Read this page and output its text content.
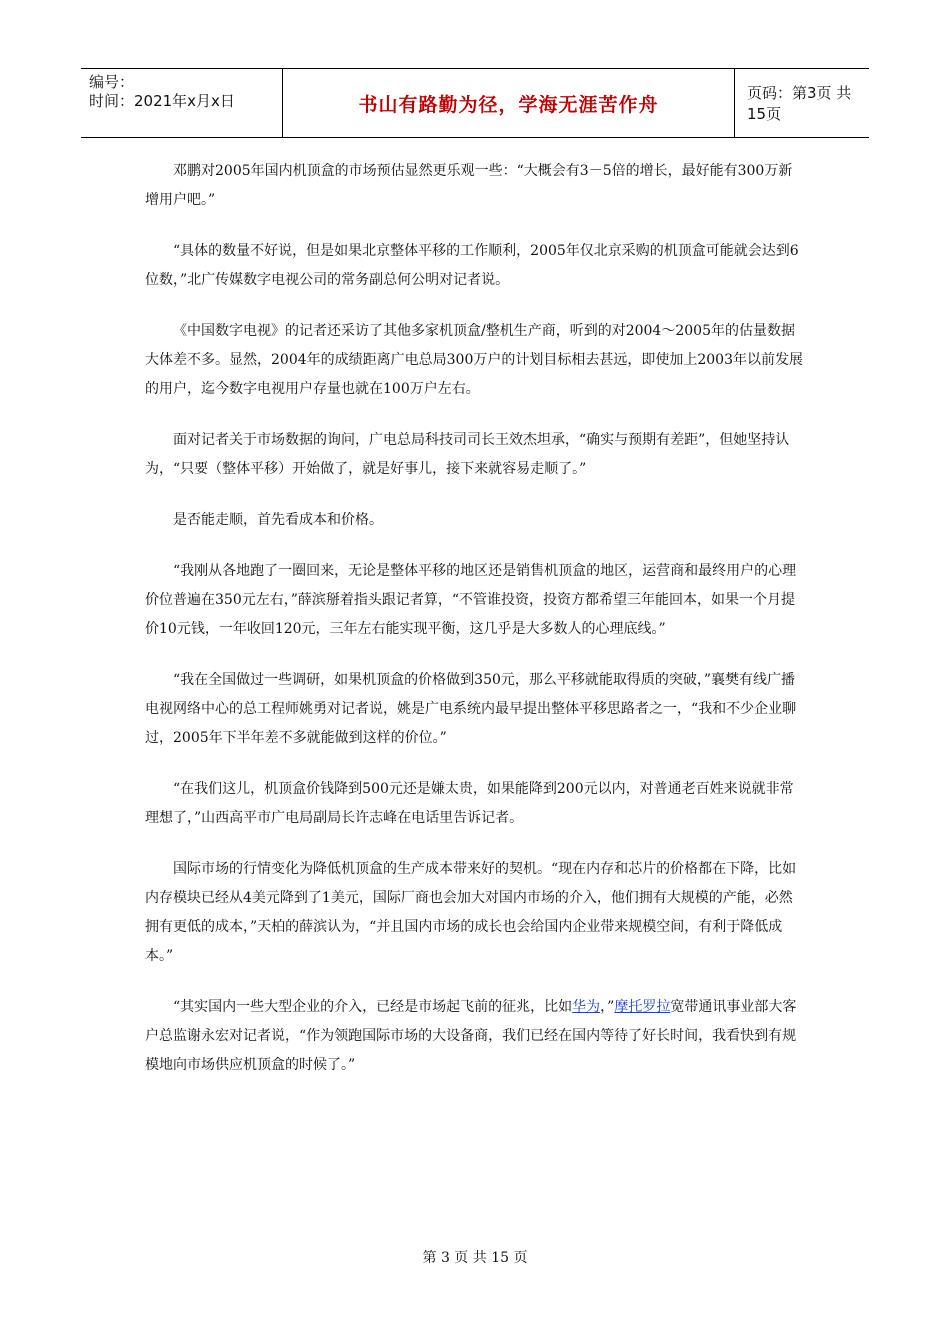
编号：
时间：2021年x月x日	书山有路勤为径，学海无涯苦作舟
页码：第3页 共15页

邓鹏对2005年国内机顶盒的市场预估显然更乐观一些：“大概会有3－5倍的增长，最好能有300万新增用户吧。”

“具体的数量不好说，但是如果北京整体平移的工作顺利，2005年仅北京采购的机顶盒可能就会达到6位数，”北广传媒数字电视公司的常务副总何公明对记者说。

《中国数字电视》的记者还采访了其他多家机顶盒/整机生产商，听到的对2004～2005年的估量数据大体差不多。显然，2004年的成绩距离广电总局300万户的计划目标相去甚远，即使加上2003年以前发展的用户，迄今数字电视用户存量也就在100万户左右。

面对记者关于市场数据的询问，广电总局科技司司长王效杰坦承，“确实与预期有差距”，但她坚持认为，“只要（整体平移）开始做了，就是好事儿，接下来就容易走顺了。”

是否能走顺，首先看成本和价格。

“我刚从各地跑了一圈回来，无论是整体平移的地区还是销售机顶盒的地区，运营商和最终用户的心理价位普遍在350元左右，”薛滨掰着指头跟记者算，“不管谁投资，投资方都希望三年能回本，如果一个月提价10元钱，一年收回120元，三年左右能实现平衡，这几乎是大多数人的心理底线。”

“我在全国做过一些调研，如果机顶盒的价格做到350元，那么平移就能取得质的突破，”襄樊有线广播电视网络中心的总工程师姚勇对记者说，姚是广电系统内最早提出整体平移思路者之一，“我和不少企业聊过，2005年下半年差不多就能做到这样的价位。”

“在我们这儿，机顶盒价钱降到500元还是嫌太贵，如果能降到200元以内，对普通老百姓来说就非常理想了，”山西高平市广电局副局长许志峰在电话里告诉记者。

国际市场的行情变化为降低机顶盒的生产成本带来好的契机。“现在内存和芯片的价格都在下降，比如内存模块已经从4美元降到了1美元，国际厂商也会加大对国内市场的介入，他们拥有大规模的产能，必然拥有更低的成本，”天柏的薛滨认为，“并且国内市场的成长也会给国内企业带来规模空间，有利于降低成本。”

“其实国内一些大型企业的介入，已经是市场起飞前的征兆，比如华为，”摩托罗拉宽带通讯事业部大客户总监谢永宏对记者说，“作为领跑国际市场的大设备商，我们已经在国内等待了好长时间，我看快到有规模地向市场供应机顶盒的时候了。”

第 3 页 共 15 页
